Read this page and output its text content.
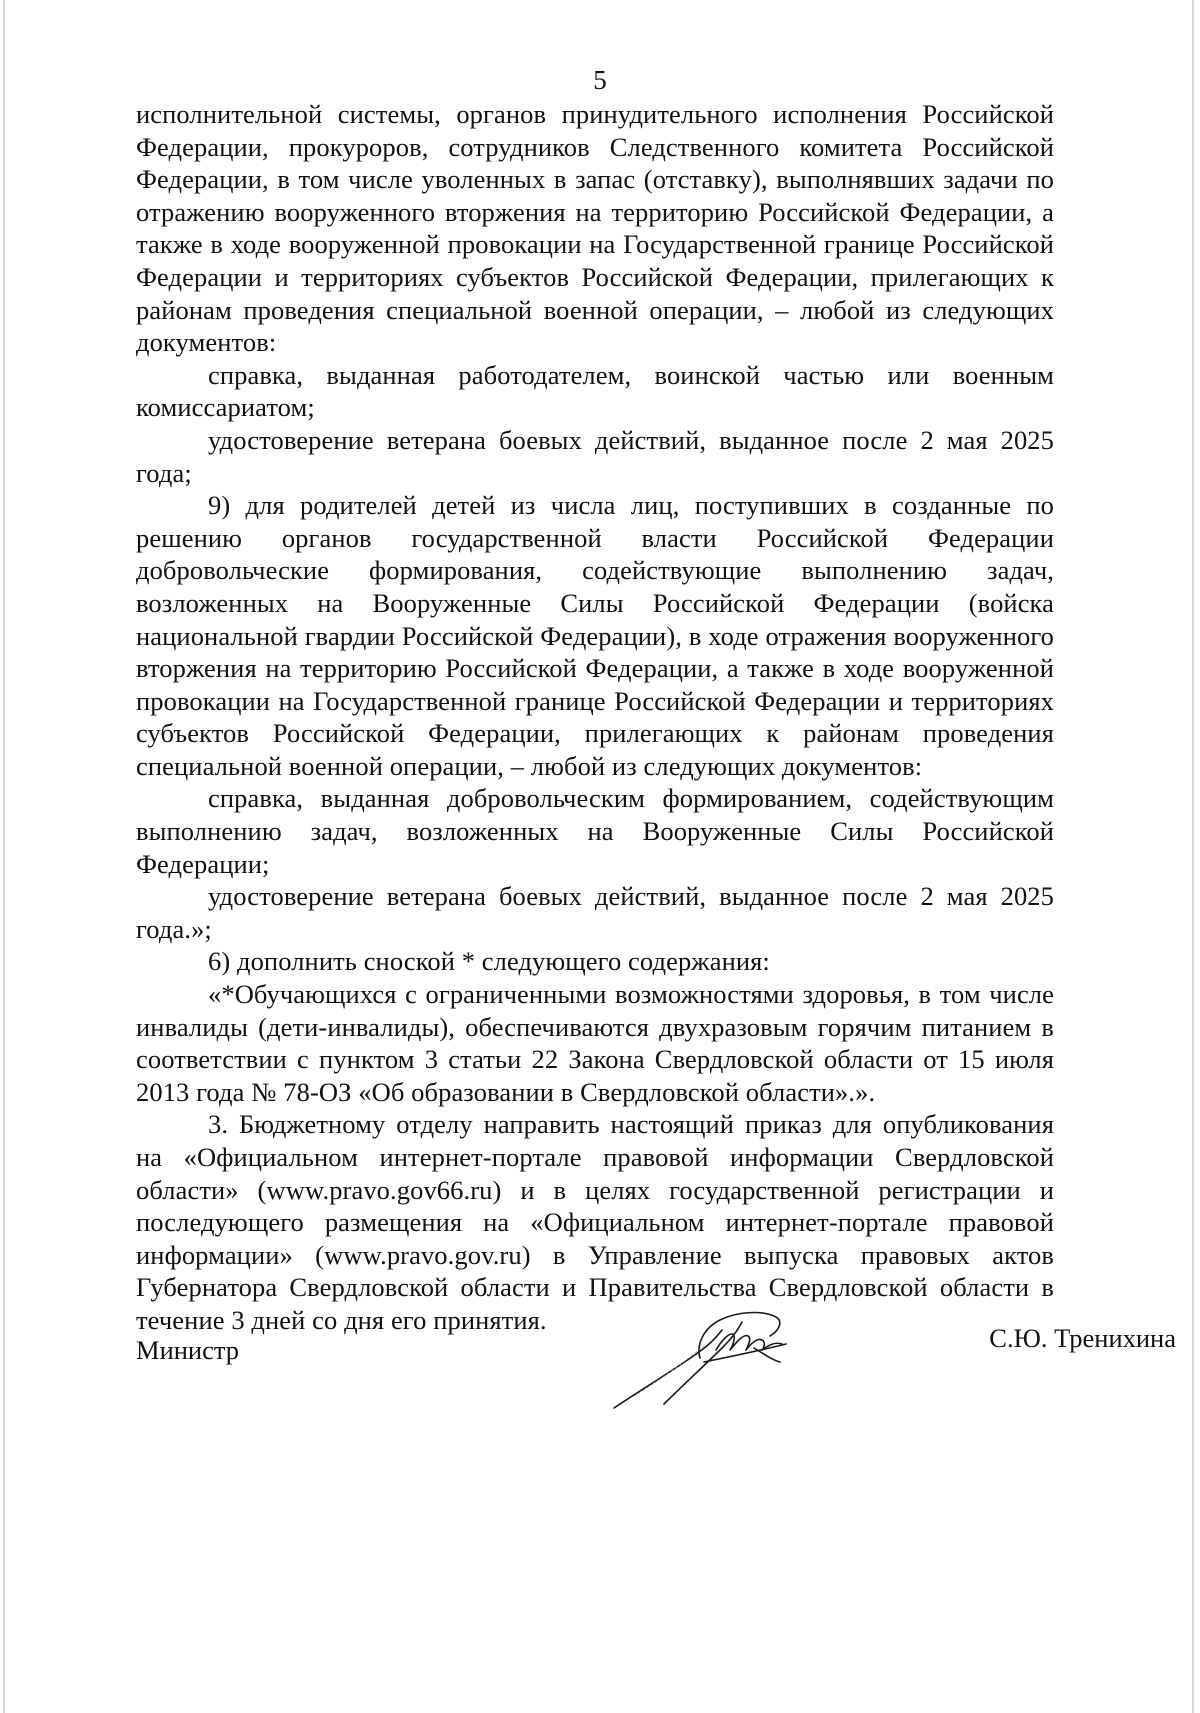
5

исполнительной системы, органов принудительного исполнения Российской Федерации, прокуроров, сотрудников Следственного комитета Российской Федерации, в том числе уволенных в запас (отставку), выполнявших задачи по отражению вооруженного вторжения на территорию Российской Федерации, а также в ходе вооруженной провокации на Государственной границе Российской Федерации и территориях субъектов Российской Федерации, прилегающих к районам проведения специальной военной операции, – любой из следующих документов:

справка, выданная работодателем, воинской частью или военным комиссариатом;

удостоверение ветерана боевых действий, выданное после 2 мая 2025 года;

9) для родителей детей из числа лиц, поступивших в созданные по решению органов государственной власти Российской Федерации добровольческие формирования, содействующие выполнению задач, возложенных на Вооруженные Силы Российской Федерации (войска национальной гвардии Российской Федерации), в ходе отражения вооруженного вторжения на территорию Российской Федерации, а также в ходе вооруженной провокации на Государственной границе Российской Федерации и территориях субъектов Российской Федерации, прилегающих к районам проведения специальной военной операции, – любой из следующих документов:

справка, выданная добровольческим формированием, содействующим выполнению задач, возложенных на Вооруженные Силы Российской Федерации;

удостоверение ветерана боевых действий, выданное после 2 мая 2025 года.»;

6) дополнить сноской * следующего содержания:

«*Обучающихся с ограниченными возможностями здоровья, в том числе инвалиды (дети-инвалиды), обеспечиваются двухразовым горячим питанием в соответствии с пунктом 3 статьи 22 Закона Свердловской области от 15 июля 2013 года № 78-ОЗ «Об образовании в Свердловской области».».

3. Бюджетному отделу направить настоящий приказ для опубликования на «Официальном интернет-портале правовой информации Свердловской области» (www.pravo.gov66.ru) и в целях государственной регистрации и последующего размещения на «Официальном интернет-портале правовой информации» (www.pravo.gov.ru) в Управление выпуска правовых актов Губернатора Свердловской области и Правительства Свердловской области в течение 3 дней со дня его принятия.

Министр	С.Ю. Тренихина
